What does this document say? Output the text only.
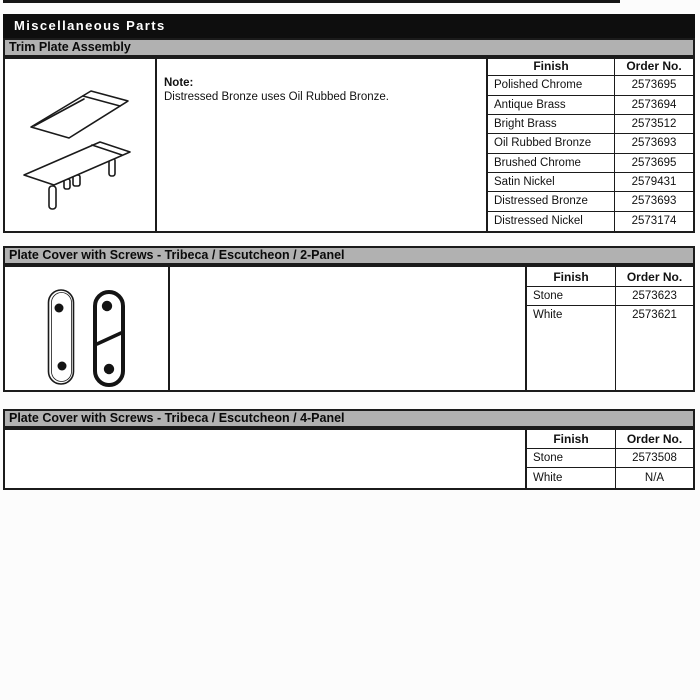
Miscellaneous Parts
Trim Plate Assembly
Note:
Distressed Bronze uses Oil Rubbed Bronze.
Finish	Order No.
Polished Chrome	2573695
Antique Brass	2573694
Bright Brass	2573512
Oil Rubbed Bronze	2573693
Brushed Chrome	2573695
Satin Nickel	2579431
Distressed Bronze	2573693
Distressed Nickel	2573174
Plate Cover with Screws - Tribeca / Escutcheon / 2-Panel
Finish	Order No.
Stone	2573623
White	2573621
Plate Cover with Screws - Tribeca / Escutcheon / 4-Panel
Finish	Order No.
Stone	2573508
White	N/A
